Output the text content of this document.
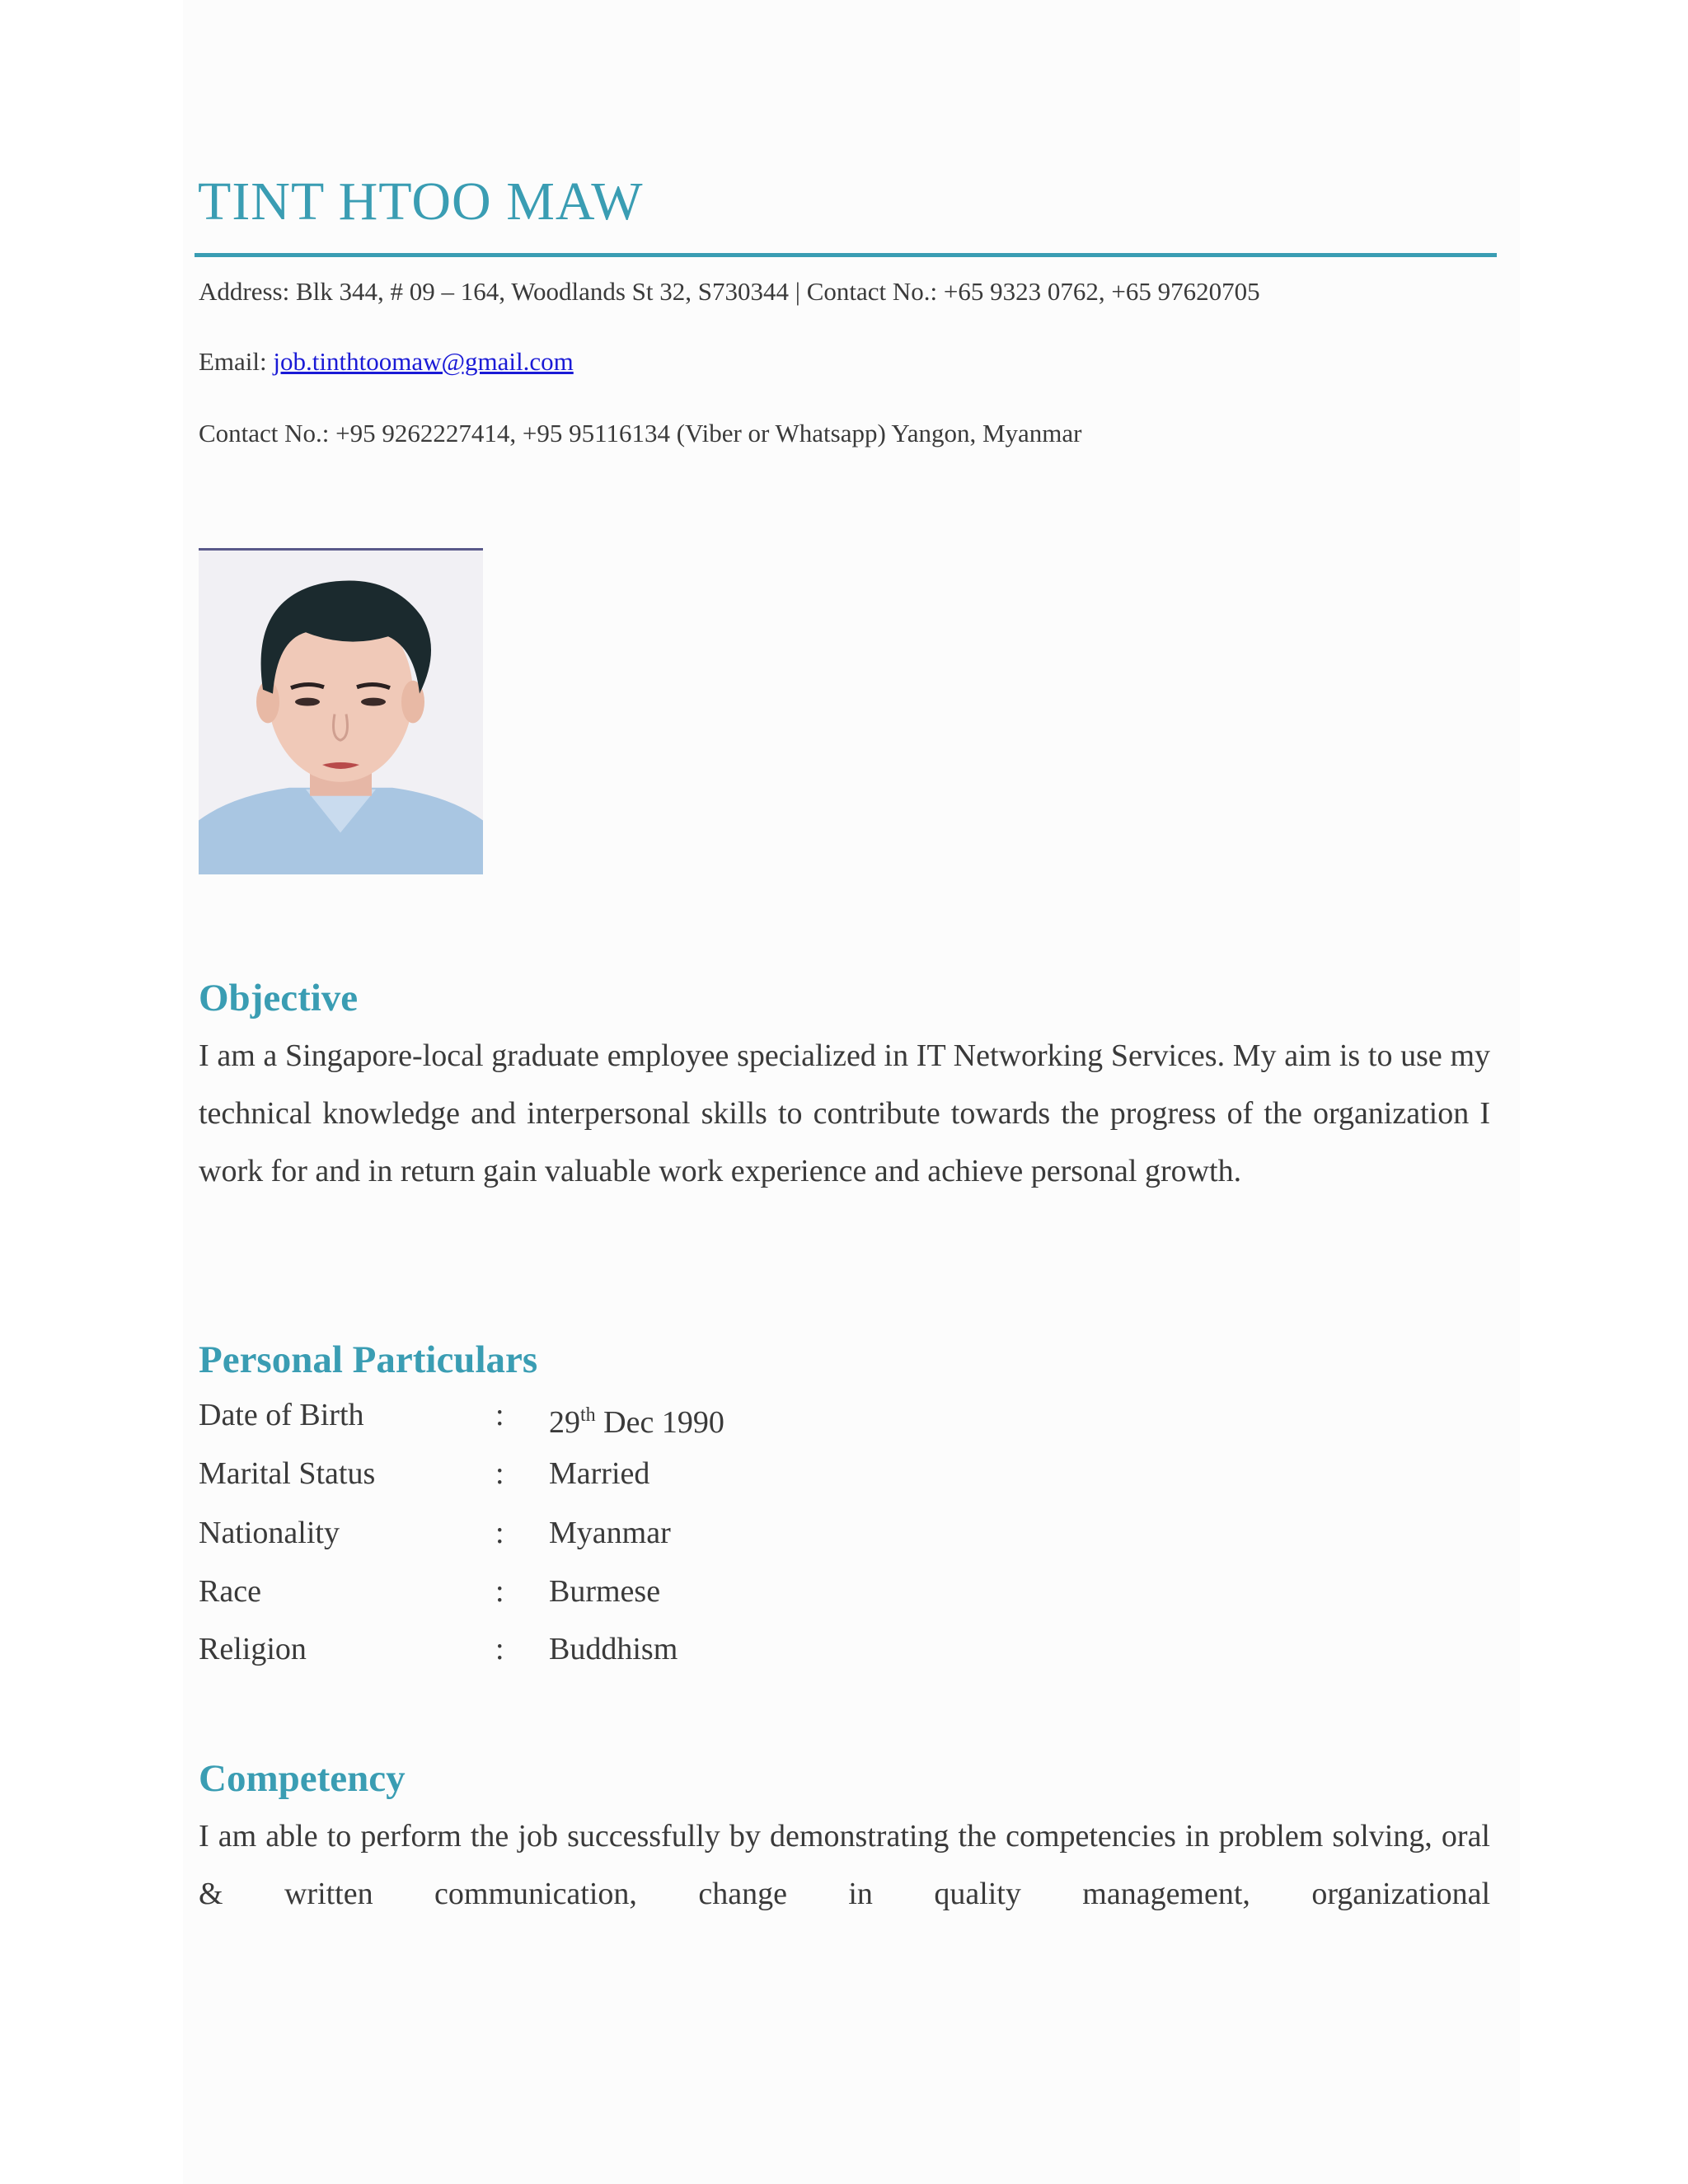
TINT HTOO MAW
Address: Blk 344, # 09 – 164, Woodlands St 32, S730344 | Contact No.: +65 9323 0762, +65 97620705
Email: job.tinthtoomaw@gmail.com
Contact No.: +95 9262227414, +95 95116134 (Viber or Whatsapp) Yangon, Myanmar
Objective
I am a Singapore-local graduate employee specialized in IT Networking Services. My aim is to use my technical knowledge and interpersonal skills to contribute towards the progress of the organization I work for and in return gain valuable work experience and achieve personal growth.
Personal Particulars
Date of Birth	: 29th Dec 1990
Marital Status	: Married
Nationality	: Myanmar
Race	: Burmese
Religion	: Buddhism
Competency
I am able to perform the job successfully by demonstrating the competencies in problem solving, oral & written communication, change in quality management, organizational
